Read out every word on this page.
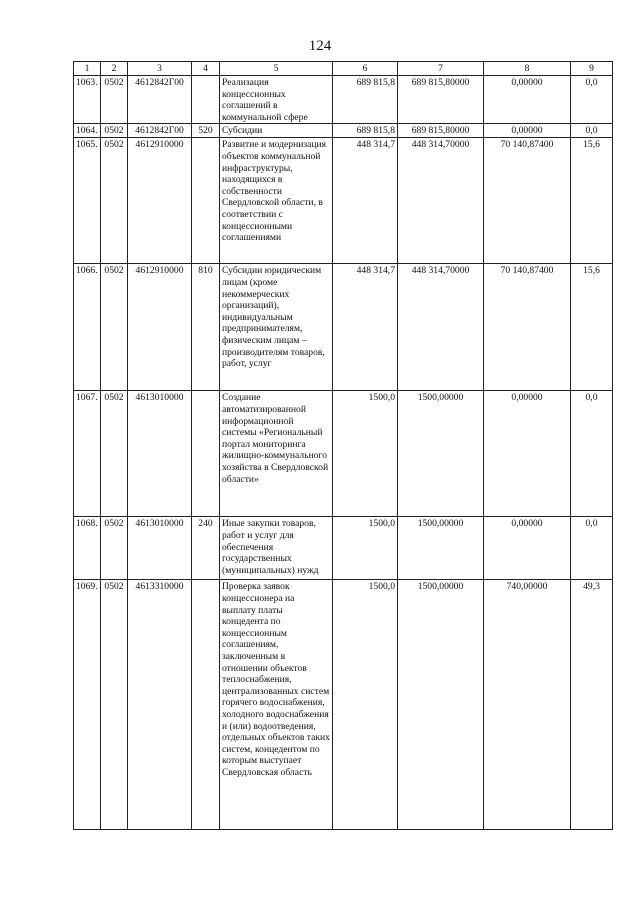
124
1	2	3	4	5	6	7	8	9
1063.	0502	4612842Г00		Реализация концессионных соглашений в коммунальной сфере	689 815,8	689 815,80000	0,00000	0,0
1064.	0502	4612842Г00	520	Субсидии	689 815,8	689 815,80000	0,00000	0,0
1065.	0502	4612910000		Развитие и модернизация объектов коммунальной инфраструктуры, находящихся в собственности Свердловской области, в соответствии с концессионными соглашениями	448 314,7	448 314,70000	70 140,87400	15,6
1066.	0502	4612910000	810	Субсидии юридическим лицам (кроме некоммерческих организаций), индивидуальным предпринимателям, физическим лицам – производителям товаров, работ, услуг	448 314,7	448 314,70000	70 140,87400	15,6
1067.	0502	4613010000		Создание автоматизированной информационной системы «Региональный портал мониторинга жилищно-коммунального хозяйства в Свердловской области»	1500,0	1500,00000	0,00000	0,0
1068.	0502	4613010000	240	Иные закупки товаров, работ и услуг для обеспечения государственных (муниципальных) нужд	1500,0	1500,00000	0,00000	0,0
1069.	0502	4613310000		Проверка заявок концессионера на выплату платы концедента по концессионным соглашениям, заключенным в отношении объектов теплоснабжения, централизованных систем горячего водоснабжения, холодного водоснабжения и (или) водоотведения, отдельных объектов таких систем, концедентом по которым выступает Свердловская область	1500,0	1500,00000	740,00000	49,3
